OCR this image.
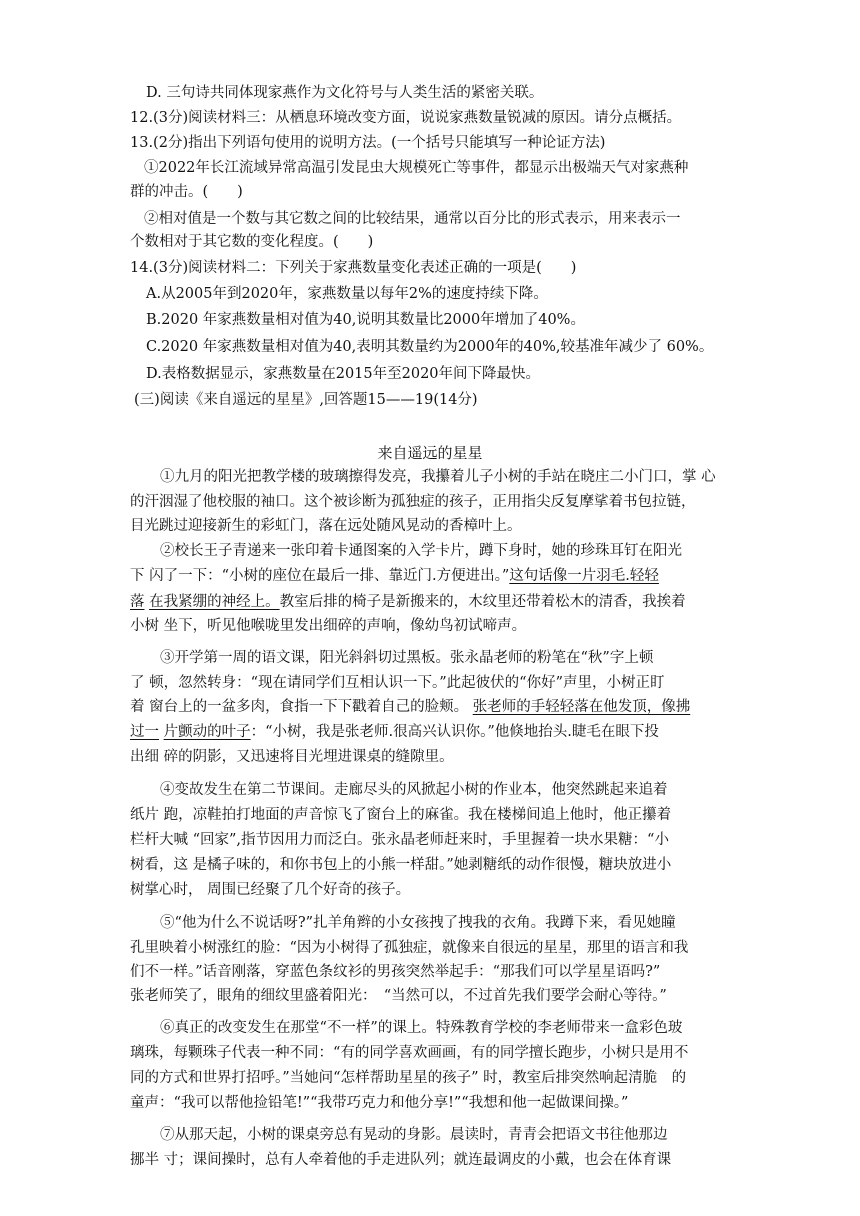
D. 三句诗共同体现家燕作为文化符号与人类生活的紧密关联。
12.(3分)阅读材料三：从栖息环境改变方面，说说家燕数量锐减的原因。请分点概括。
13.(2分)指出下列语句使用的说明方法。(一个括号只能填写一种论证方法)
①2022年长江流域异常高温引发昆虫大规模死亡等事件，都显示出极端天气对家燕种
群的冲击。(　　)
②相对值是一个数与其它数之间的比较结果，通常以百分比的形式表示，用来表示一
个数相对于其它数的变化程度。(　　)
14.(3分)阅读材料二：下列关于家燕数量变化表述正确的一项是(　　)
A.从2005年到2020年，家燕数量以每年2%的速度持续下降。
B.2020 年家燕数量相对值为40,说明其数量比2000年增加了40%。
C.2020 年家燕数量相对值为40,表明其数量约为2000年的40%,较基准年减少了 60%。
D.表格数据显示，家燕数量在2015年至2020年间下降最快。
(三)阅读《来自遥远的星星》,回答题15——19(14分)
来自遥远的星星
①九月的阳光把教学楼的玻璃擦得发亮，我攥着儿子小树的手站在晓庄二小门口，掌 心
的汗洇湿了他校服的袖口。这个被诊断为孤独症的孩子，正用指尖反复摩挲着书包拉链，
目光跳过迎接新生的彩虹门，落在远处随风晃动的香樟叶上。
②校长王子青递来一张印着卡通图案的入学卡片，蹲下身时，她的珍珠耳钉在阳光
下 闪了一下：“小树的座位在最后一排、靠近门.方便进出。”这句话像一片羽毛.轻轻
落 在我紧绷的神经上。教室后排的椅子是新搬来的，木纹里还带着松木的清香，我挨着
小树 坐下，听见他喉咙里发出细碎的声响，像幼鸟初试啼声。
③开学第一周的语文课，阳光斜斜切过黑板。张永晶老师的粉笔在“秋”字上顿
了 顿，忽然转身：“现在请同学们互相认识一下。”此起彼伏的“你好”声里，小树正盯
着 窗台上的一盆多肉，食指一下下戳着自己的脸颊。 张老师的手轻轻落在他发顶，像拂
过一 片颤动的叶子：“小树，我是张老师.很高兴认识你。”他倏地抬头.睫毛在眼下投
出细 碎的阴影，又迅速将目光埋进课桌的缝隙里。
④变故发生在第二节课间。走廊尽头的风掀起小树的作业本，他突然跳起来追着
纸片 跑，凉鞋拍打地面的声音惊飞了窗台上的麻雀。我在楼梯间追上他时，他正攥着
栏杆大喊 “回家”,指节因用力而泛白。张永晶老师赶来时，手里握着一块水果糖：“小
树看，这 是橘子味的，和你书包上的小熊一样甜。”她剥糖纸的动作很慢，糖块放进小
树掌心时， 周围已经聚了几个好奇的孩子。
⑤“他为什么不说话呀?”扎羊角辫的小女孩拽了拽我的衣角。我蹲下来，看见她瞳
孔里映着小树涨红的脸：“因为小树得了孤独症，就像来自很远的星星，那里的语言和我
们不一样。”话音刚落，穿蓝色条纹衫的男孩突然举起手：“那我们可以学星星语吗?”
张老师笑了，眼角的细纹里盛着阳光：　“当然可以，不过首先我们要学会耐心等待。”
⑥真正的改变发生在那堂“不一样”的课上。特殊教育学校的李老师带来一盒彩色玻
璃珠，每颗珠子代表一种不同：“有的同学喜欢画画，有的同学擅长跑步，小树只是用不
同的方式和世界打招呼。”当她问“怎样帮助星星的孩子” 时，教室后排突然响起清脆　的
童声：“我可以帮他捡铅笔!”“我带巧克力和他分享!”“我想和他一起做课间操。”
⑦从那天起，小树的课桌旁总有晃动的身影。晨读时，青青会把语文书往他那边
挪半 寸；课间操时，总有人牵着他的手走进队列；就连最调皮的小戴，也会在体育课
